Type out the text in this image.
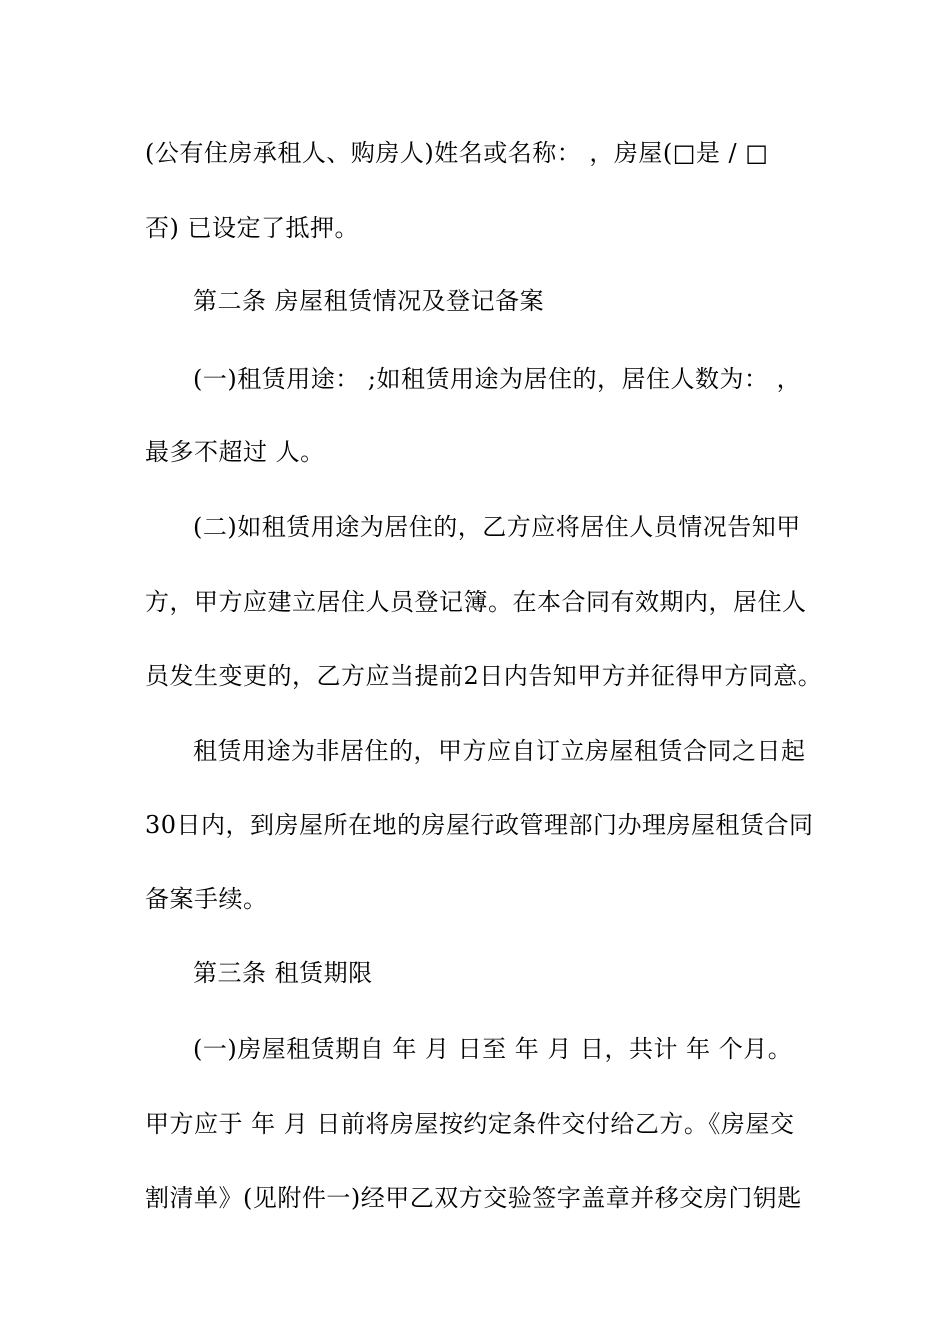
(公有住房承租人、购房人)姓名或名称： ，房屋(□是 / □
否) 已设定了抵押。
第二条 房屋租赁情况及登记备案
(一)租赁用途： ;如租赁用途为居住的，居住人数为： ，
最多不超过 人。
(二)如租赁用途为居住的，乙方应将居住人员情况告知甲
方，甲方应建立居住人员登记簿。在本合同有效期内，居住人
员发生变更的，乙方应当提前2日内告知甲方并征得甲方同意。
租赁用途为非居住的，甲方应自订立房屋租赁合同之日起
30日内，到房屋所在地的房屋行政管理部门办理房屋租赁合同
备案手续。
第三条 租赁期限
(一)房屋租赁期自 年 月 日至 年 月 日，共计 年 个月。
甲方应于 年 月 日前将房屋按约定条件交付给乙方。《房屋交
割清单》(见附件一)经甲乙双方交验签字盖章并移交房门钥匙
